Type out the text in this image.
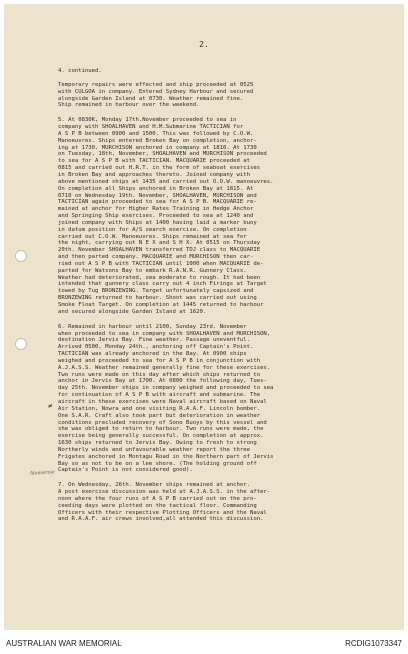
2.
4. continued.

Temporary repairs were effected and ship proceeded at 0525
with CULGOA in company. Entered Sydney Harbour and secured
alongside Garden Island at 0730. Weather remained fine.
Ship remained in harbour over the weekend.

5. At 0830K, Monday 17th.November proceeded to sea in
company with SHOALHAVEN and H.M.Submarine TACTICIAN for
A S P B between 0900 and 1500. This was followed by C.O.W.
Manoeuvres. Ships entered Broken Bay on completion, anchor-
ing at 1730. MURCHISON anchored in company at 1810. At 1730
on Tuesday, 18th, November, SHOALHAVEN and MURCHISON proceeded
to sea for A S P B with TACTICIAN. MACQUARIE proceeded at
0815 and carried out H.R.T. in the form of seaboat exercises
in Broken Bay and approaches thereto. Joined company with
above mentioned ships at 1435 and carried out O.O.W. manoeuvres.
On completion all Ships anchored in Broken Bay at 1815. At
0710 on Wednesday 19th. November, SHOALHAVEN, MURCHISON and
TACTICIAN again proceeded to sea for A S P B. MACQUARIE re-
mained at anchor for Higher Rates Training in Hedge Anchor
and Springing Ship exercises. Proceeded to sea at 1240 and
joined company with Ships at 1400 having laid a marker buoy
in datum position for A/S search exercise. On completion
carried out C.O.W. Manoeuvres. Ships remained at sea for
the night, carrying out N E X and S H X. At 0515 on Thursday
20th. November SHOALHAVEN transferred TDJ class to MACQUARIE
and then parted company. MACQUARIE and MURCHISON then car-
ried out A S P B with TACTICIAN until 1000 when MACQUARIE de-
parted for Watsons Bay to embark R.A.N.R. Gunnery Class.
Weather had deteriorated, sea moderate to rough. It had been
intended that gunnery class carry out 4 inch Firings at Target
towed by Tug BRONZEWING. Target unfortunately capsized and
BRONZEWING returned to harbour. Shoot was carried out using
Smoke Float Target. On completion at 1445 returned to harbour
and secured alongside Garden Island at 1620.

6. Remained in harbour until 2100, Sunday 23rd. November
when proceeded to sea in company with SHOALHAVEN and MURCHISON,
destination Jervis Bay. Fine weather. Passage uneventful.
Arrived 0500, Monday 24th., anchoring off Captain's Point.
TACTICIAN was already anchored in the Bay. At 0900 ships
weighed and proceeded to sea for A S P B in conjunction with
A.J.A.S.S. Weather remained generally fine for these exercises.
Two runs were made on this day after which ships returned to
anchor in Jervis Bay at 1700. At 0800 the following day, Tues-
day 25th. November ships in company weighed and proceeded to sea
for continuation of A S P B with aircraft and submarine. The
aircraft in these exercises were Naval aircraft based on Naval
Air Station, Nowra and one visiting R.A.A.F. Lincoln bomber.
One S.A.R. Craft also took part but deterioration in weather
conditions precluded recovery of Sono Buoys by this vessel and
she was obliged to return to harbour. Two runs were made, the
exercise being generally successful. On completion at approx.
1630 ships returned to Jervis Bay. Owing to fresh to strong
Northerly winds and unfavourable weather report the three
Frigates anchored in Montagu Road in the Northern part of Jervis
Bay so as not to be on a lee shore. (The holding ground off
Captain's Point is not considered good).

7. On Wednesday, 26th. November ships remained at anchor.
A post exercise discussion was held at A.J.A.S.S. in the after-
noon where the four runs of A S P B carried out on the pro-
ceeding days were plotted on the tactical floor. Commanding
Officers with their respective Plotting Officers and the Naval
and R.A.A.F. air crews involved,all attended this discussion.

≠
Nonsense
AUSTRALIAN WAR MEMORIAL	RCDIG1073347
